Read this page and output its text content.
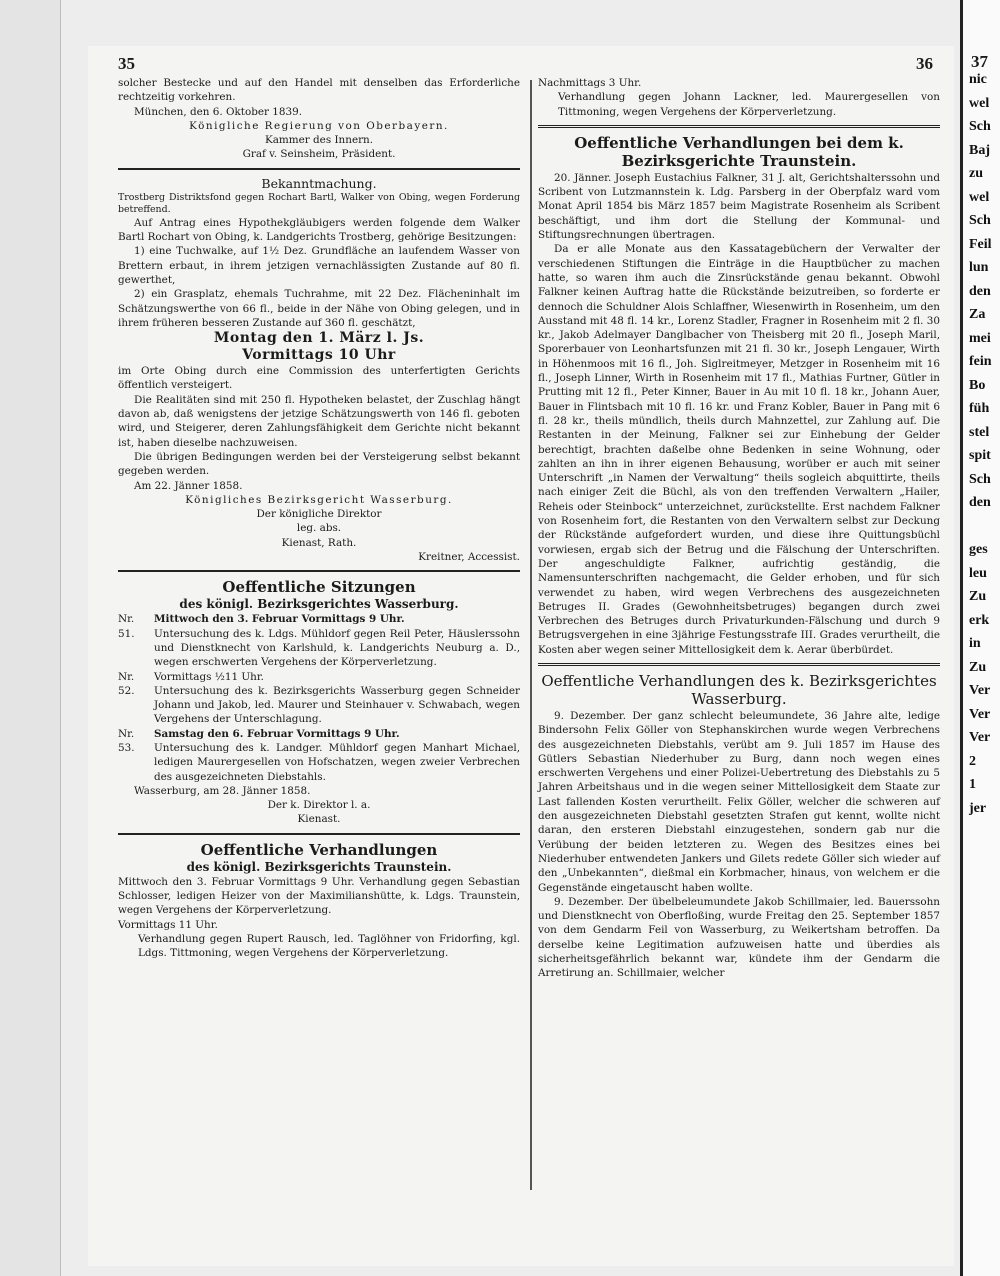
35	36

solcher Bestecke und auf den Handel mit denselben das Erforderliche rechtzeitig vorkehren.

München, den 6. Oktober 1839.

Königliche Regierung von Oberbayern.

Kammer des Innern.

Graf v. Seinsheim, Präsident.

Bekanntmachung.

Trostberg Distriktsfond gegen Rochart Bartl, Walker von Obing, wegen Forderung betreffend.

Auf Antrag eines Hypothekgläubigers werden folgende dem Walker Bartl Rochart von Obing, k. Landgerichts Trostberg, gehörige Besitzungen:

1) eine Tuchwalke, auf 1½ Dez. Grundfläche an laufendem Wasser von Brettern erbaut, in ihrem jetzigen vernachlässigten Zustande auf 80 fl. gewerthet,

2) ein Grasplatz, ehemals Tuchrahme, mit 22 Dez. Flächeninhalt im Schätzungswerthe von 66 fl., beide in der Nähe von Obing gelegen, und in ihrem früheren besseren Zustande auf 360 fl. geschätzt,

Montag den 1. März l. Js.

Vormittags 10 Uhr

im Orte Obing durch eine Commission des unterfertigten Gerichts öffentlich versteigert.

Die Realitäten sind mit 250 fl. Hypotheken belastet, der Zuschlag hängt davon ab, daß wenigstens der jetzige Schätzungswerth von 146 fl. geboten wird, und Steigerer, deren Zahlungsfähigkeit dem Gerichte nicht bekannt ist, haben dieselbe nachzuweisen.

Die übrigen Bedingungen werden bei der Versteigerung selbst bekannt gegeben werden.

Am 22. Jänner 1858.

Königliches Bezirksgericht Wasserburg.

Der königliche Direktor

leg. abs.

Kienast, Rath.

Kreitner, Accessist.

Oeffentliche Sitzungen

des königl. Bezirksgerichtes Wasserburg.

Nr. 51.

Mittwoch den 3. Februar Vormittags 9 Uhr.

Untersuchung des k. Ldgs. Mühldorf gegen Reil Peter, Häuslerssohn und Dienstknecht von Karlshuld, k. Landgerichts Neuburg a. D., wegen erschwerten Vergehens der Körperverletzung.

Nr. 52.

Vormittags ½11 Uhr.

Untersuchung des k. Bezirksgerichts Wasserburg gegen Schneider Johann und Jakob, led. Maurer und Steinhauer v. Schwabach, wegen Vergehens der Unterschlagung.

Nr. 53.

Samstag den 6. Februar Vormittags 9 Uhr.

Untersuchung des k. Landger. Mühldorf gegen Manhart Michael, ledigen Maurergesellen von Hofschatzen, wegen zweier Verbrechen des ausgezeichneten Diebstahls.

Wasserburg, am 28. Jänner 1858.

Der k. Direktor l. a.

Kienast.

Oeffentliche Verhandlungen

des königl. Bezirksgerichts Traunstein.

Mittwoch den 3. Februar Vormittags 9 Uhr. Verhandlung gegen Sebastian Schlosser, ledigen Heizer von der Maximilianshütte, k. Ldgs. Traunstein, wegen Vergehens der Körperverletzung.

Vormittags 11 Uhr.

Verhandlung gegen Rupert Rausch, led. Taglöhner von Fridorfing, kgl. Ldgs. Tittmoning, wegen Vergehens der Körperverletzung.

Nachmittags 3 Uhr.

Verhandlung gegen Johann Lackner, led. Maurergesellen von Tittmoning, wegen Vergehens der Körperverletzung.

Oeffentliche Verhandlungen bei dem k. Bezirksgerichte Traunstein.

20. Jänner. Joseph Eustachius Falkner, 31 J. alt, Gerichtshalterssohn und Scribent von Lutzmannstein k. Ldg. Parsberg in der Oberpfalz ward vom Monat April 1854 bis März 1857 beim Magistrate Rosenheim als Scribent beschäftigt, und ihm dort die Stellung der Kommunal- und Stiftungsrechnungen übertragen.

Da er alle Monate aus den Kassatagebüchern der Verwalter der verschiedenen Stiftungen die Einträge in die Hauptbücher zu machen hatte, so waren ihm auch die Zinsrückstände genau bekannt. Obwohl Falkner keinen Auftrag hatte die Rückstände beizutreiben, so forderte er dennoch die Schuldner Alois Schlaffner, Wiesenwirth in Rosenheim, um den Ausstand mit 48 fl. 14 kr., Lorenz Stadler, Fragner in Rosenheim mit 2 fl. 30 kr., Jakob Adelmayer Danglbacher von Theisberg mit 20 fl., Joseph Maril, Sporerbauer von Leonhartsfunzen mit 21 fl. 30 kr., Joseph Lengauer, Wirth in Höhenmoos mit 16 fl., Joh. Siglreitmeyer, Metzger in Rosenheim mit 16 fl., Joseph Linner, Wirth in Rosenheim mit 17 fl., Mathias Furtner, Gütler in Prutting mit 12 fl., Peter Kinner, Bauer in Au mit 10 fl. 18 kr., Johann Auer, Bauer in Flintsbach mit 10 fl. 16 kr. und Franz Kobler, Bauer in Pang mit 6 fl. 28 kr., theils mündlich, theils durch Mahnzettel, zur Zahlung auf. Die Restanten in der Meinung, Falkner sei zur Einhebung der Gelder berechtigt, brachten daßelbe ohne Bedenken in seine Wohnung, oder zahlten an ihn in ihrer eigenen Behausung, worüber er auch mit seiner Unterschrift „in Namen der Verwaltung“ theils sogleich abquittirte, theils nach einiger Zeit die Büchl, als von den treffenden Verwaltern „Hailer, Reheis oder Steinbock“ unterzeichnet, zurückstellte. Erst nachdem Falkner von Rosenheim fort, die Restanten von den Verwaltern selbst zur Deckung der Rückstände aufgefordert wurden, und diese ihre Quittungsbüchl vorwiesen, ergab sich der Betrug und die Fälschung der Unterschriften. Der angeschuldigte Falkner, aufrichtig geständig, die Namensunterschriften nachgemacht, die Gelder erhoben, und für sich verwendet zu haben, wird wegen Verbrechens des ausgezeichneten Betruges II. Grades (Gewohnheitsbetruges) begangen durch zwei Verbrechen des Betruges durch Privaturkunden-Fälschung und durch 9 Betrugsvergehen in eine 3jährige Festungsstrafe III. Grades verurtheilt, die Kosten aber wegen seiner Mittellosigkeit dem k. Aerar überbürdet.

Oeffentliche Verhandlungen des k. Bezirksgerichtes Wasserburg.

9. Dezember. Der ganz schlecht beleumundete, 36 Jahre alte, ledige Bindersohn Felix Göller von Stephanskirchen wurde wegen Verbrechens des ausgezeichneten Diebstahls, verübt am 9. Juli 1857 im Hause des Gütlers Sebastian Niederhuber zu Burg, dann noch wegen eines erschwerten Vergehens und einer Polizei-Uebertretung des Diebstahls zu 5 Jahren Arbeitshaus und in die wegen seiner Mittellosigkeit dem Staate zur Last fallenden Kosten verurtheilt. Felix Göller, welcher die schweren auf den ausgezeichneten Diebstahl gesetzten Strafen gut kennt, wollte nicht daran, den ersteren Diebstahl einzugestehen, sondern gab nur die Verübung der beiden letzteren zu. Wegen des Besitzes eines bei Niederhuber entwendeten Jankers und Gilets redete Göller sich wieder auf den „Unbekannten“, dießmal ein Korbmacher, hinaus, von welchem er die Gegenstände eingetauscht haben wollte.

9. Dezember. Der übelbeleumundete Jakob Schillmaier, led. Bauerssohn und Dienstknecht von Oberfloßing, wurde Freitag den 25. September 1857 von dem Gendarm Feil von Wasserburg, zu Weikertsham betroffen. Da derselbe keine Legitimation aufzuweisen hatte und überdies als sicherheitsgefährlich bekannt war, kündete ihm der Gendarm die Arretirung an. Schillmaier, welcher

37
nic
wel
Sch
Baj
zu
wel
Sch
Feil
lun
den
Za
mei
fein
Bo
füh
stel
spit
Sch
den

ges
leu
Zu
erk
in
Zu
Ver
Ver
Ver
2
1
jer
